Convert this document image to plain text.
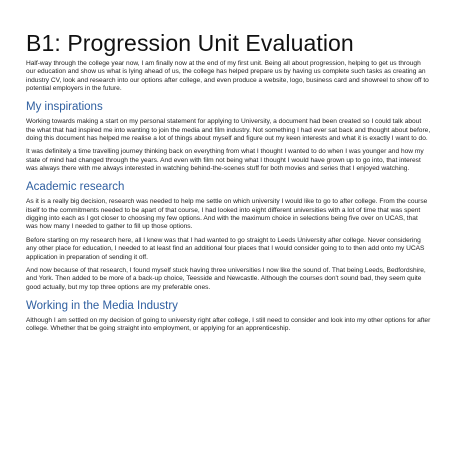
B1: Progression Unit Evaluation

Half-way through the college year now, I am finally now at the end of my first unit. Being all about progression, helping to get us through our education and show us what is lying ahead of us, the college has helped prepare us by having us complete such tasks as creating an industry CV, look and research into our options after college, and even produce a website, logo, business card and showreel to show off to potential employers in the future.

My inspirations

Working towards making a start on my personal statement for applying to University, a document had been created so I could talk about the what that had inspired me into wanting to join the media and film industry. Not something I had ever sat back and thought about before, doing this document has helped me realise a lot of things about myself and figure out my keen interests and what it is exactly I want to do.

It was definitely a time travelling journey thinking back on everything from what I thought I wanted to do when I was younger and how my state of mind had changed through the years. And even with film not being what I thought I would have grown up to go into, that interest was always there with me always interested in watching behind-the-scenes stuff for both movies and series that I enjoyed watching.

Academic research

As it is a really big decision, research was needed to help me settle on which university I would like to go to after college. From the course itself to the commitments needed to be apart of that course, I had looked into eight different universities with a lot of time that was spent digging into each as I got closer to choosing my few options. And with the maximum choice in selections being five over on UCAS, that was how many I needed to gather to fill up those options.

Before starting on my research here, all I knew was that I had wanted to go straight to Leeds University after college. Never considering any other place for education, I needed to at least find an additional four places that I would consider going to to then add onto my UCAS application in preparation of sending it off.

And now because of that research, I found myself stuck having three universities I now like the sound of. That being Leeds, Bedfordshire, and York. Then added to be more of a back-up choice, Teesside and Newcastle. Although the courses don't sound bad, they seem quite good actually, but my top three options are my preferable ones.

Working in the Media Industry

Although I am settled on my decision of going to university right after college, I still need to consider and look into my other options for after college. Whether that be going straight into employment, or applying for an apprenticeship.
